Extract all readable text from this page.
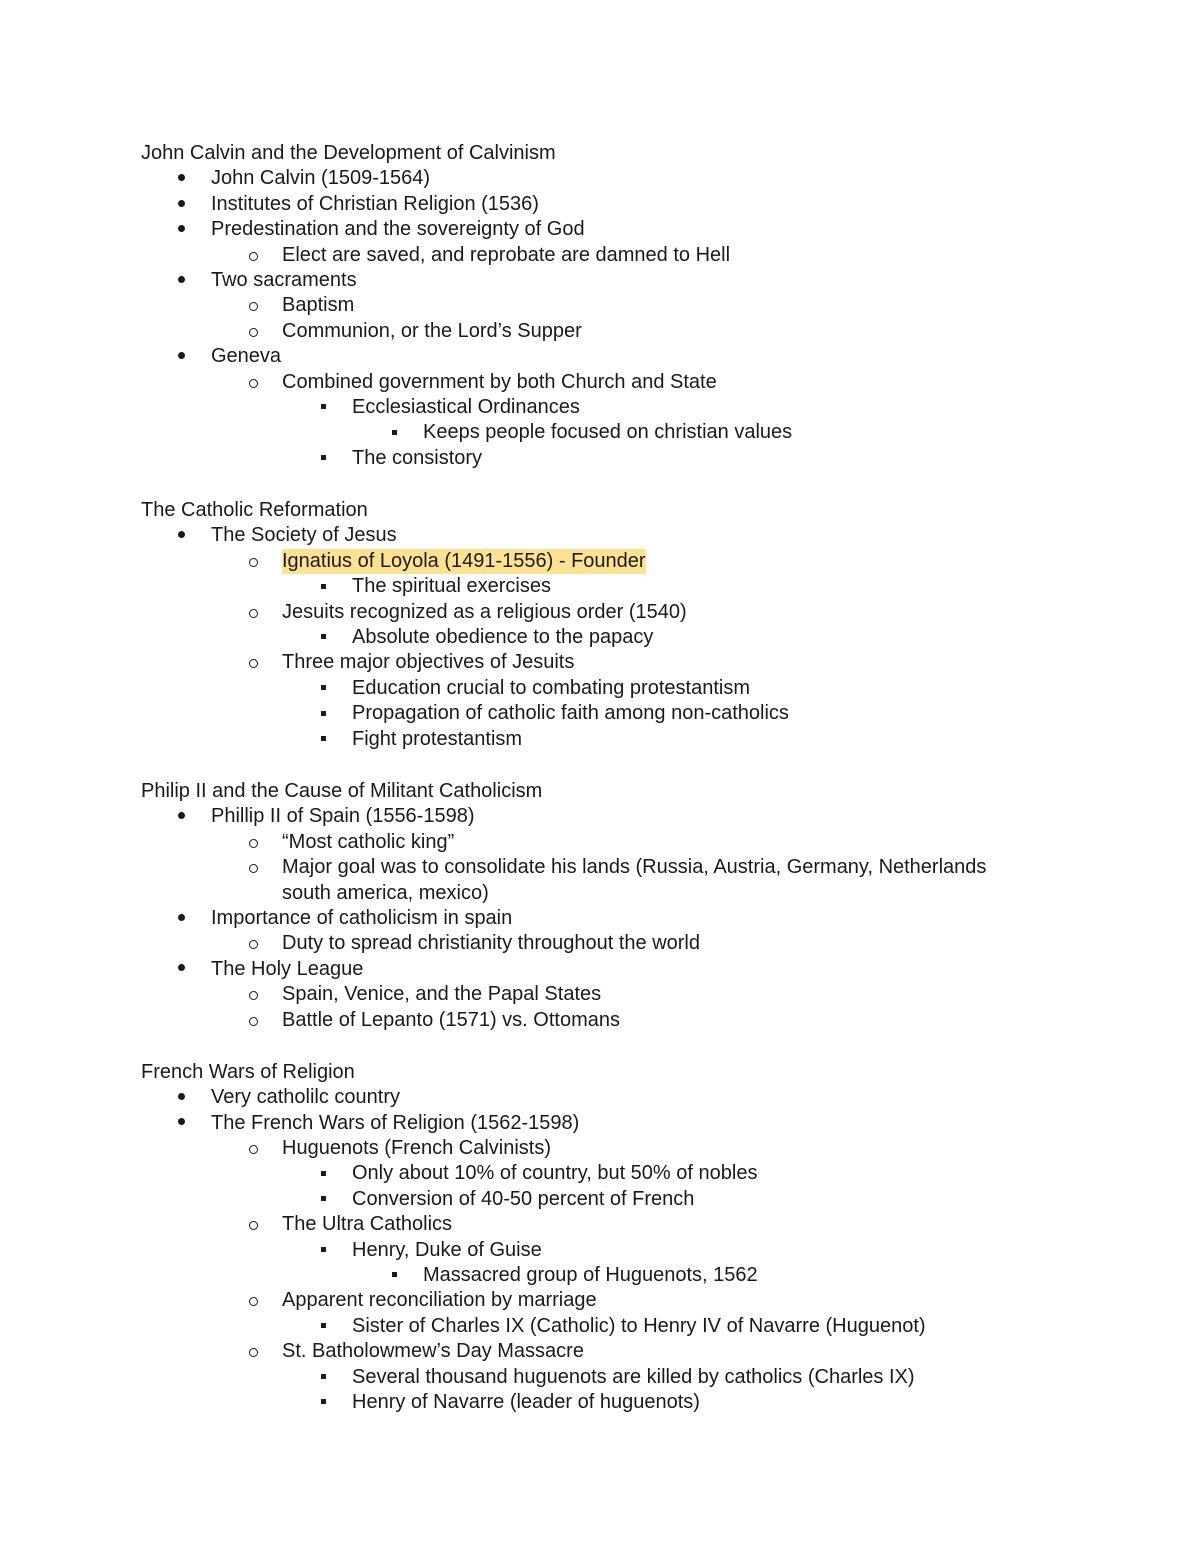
John Calvin and the Development of Calvinism
John Calvin (1509-1564)
Institutes of Christian Religion (1536)
Predestination and the sovereignty of God
Elect are saved, and reprobate are damned to Hell
Two sacraments
Baptism
Communion, or the Lord’s Supper
Geneva
Combined government by both Church and State
Ecclesiastical Ordinances
Keeps people focused on christian values
The consistory
The Catholic Reformation
The Society of Jesus
Ignatius of Loyola (1491-1556) - Founder
The spiritual exercises
Jesuits recognized as a religious order (1540)
Absolute obedience to the papacy
Three major objectives of Jesuits
Education crucial to combating protestantism
Propagation of catholic faith among non-catholics
Fight protestantism
Philip II and the Cause of Militant Catholicism
Phillip II of Spain (1556-1598)
“Most catholic king”
Major goal was to consolidate his lands (Russia, Austria, Germany, Netherlands
south america, mexico)
Importance of catholicism in spain
Duty to spread christianity throughout the world
The Holy League
Spain, Venice, and the Papal States
Battle of Lepanto (1571) vs. Ottomans
French Wars of Religion
Very catholilc country
The French Wars of Religion (1562-1598)
Huguenots (French Calvinists)
Only about 10% of country, but 50% of nobles
Conversion of 40-50 percent of French
The Ultra Catholics
Henry, Duke of Guise
Massacred group of Huguenots, 1562
Apparent reconciliation by marriage
Sister of Charles IX (Catholic) to Henry IV of Navarre (Huguenot)
St. Batholowmew’s Day Massacre
Several thousand huguenots are killed by catholics (Charles IX)
Henry of Navarre (leader of huguenots)
